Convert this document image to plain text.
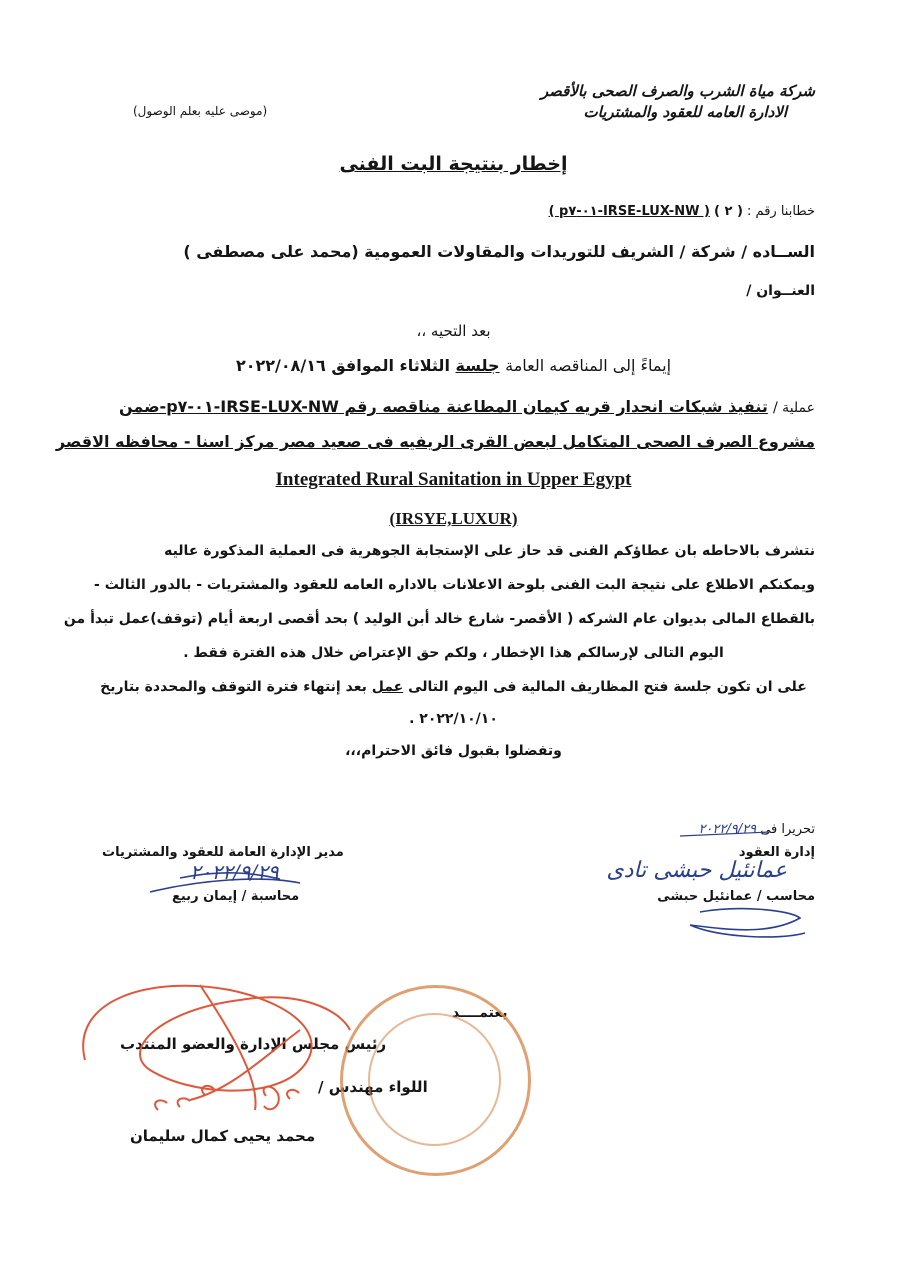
شركة مياة الشرب والصرف الصحى بالأقصر
الادارة العامه للعقود والمشتريات
(موصى عليه بعلم الوصول)
إخطار بنتيجة البت الفنى
خطابنا رقم : ( ٢ ) ( IRSE-LUX-NW-٠١-p٧ )
الســاده / شركة / الشريف للتوريدات والمقاولات العمومية (محمد على مصطفى )
العنــوان /
بعد التحيه ،،
إيماءً إلى المناقصه العامة جلسة الثلاثاء الموافق ٢٠٢٢/٠٨/١٦
عملية / تنفيذ شبكات انحدار قريه كيمان المطاعنة مناقصه رقم IRSE-LUX-NW-٠١-p٧-ضمن
مشروع الصرف الصحى المتكامل لبعض القرى الريفيه فى صعيد مصر مركز اسنا - محافظه الاقصر
Integrated Rural Sanitation in Upper Egypt
(IRSYE,LUXUR)
نتشرف بالاحاطه بان عطاؤكم الفنى قد حاز على الإستجابة الجوهرية فى العملية المذكورة عاليه
ويمكنكم الاطلاع على نتيجة البت الفنى بلوحة الاعلانات بالاداره العامه للعقود والمشتريات - بالدور الثالث -
بالقطاع المالى بديوان عام الشركه ( الأقصر- شارع خالد أبن الوليد ) بحد أقصى اربعة أيام (توقف)عمل تبدأ من
اليوم التالى لإرسالكم هذا الإخطار ، ولكم حق الإعتراض خلال هذه الفترة فقط .
على ان تكون جلسة فتح المظاريف المالية فى اليوم التالى عمل بعد إنتهاء فترة التوقف والمحددة بتاريخ
٢٠٢٢/١٠/١٠ .
وتفضلوا بقبول فائق الاحترام،،،
تحريرا فى ٢٠٢٢/٩/٢٩
إدارة العقود
عمانئيل حبشى تادى
محاسب / عمانئيل حبشى
مدير الإدارة العامة للعقود والمشتريات
٢٠٢٢/٩/٢٩
محاسبة / إيمان ربيع
يعتمــــد
رئيس مجلس الإدارة والعضو المنتدب
اللواء مهندس /
محمد يحيى كمال سليمان
